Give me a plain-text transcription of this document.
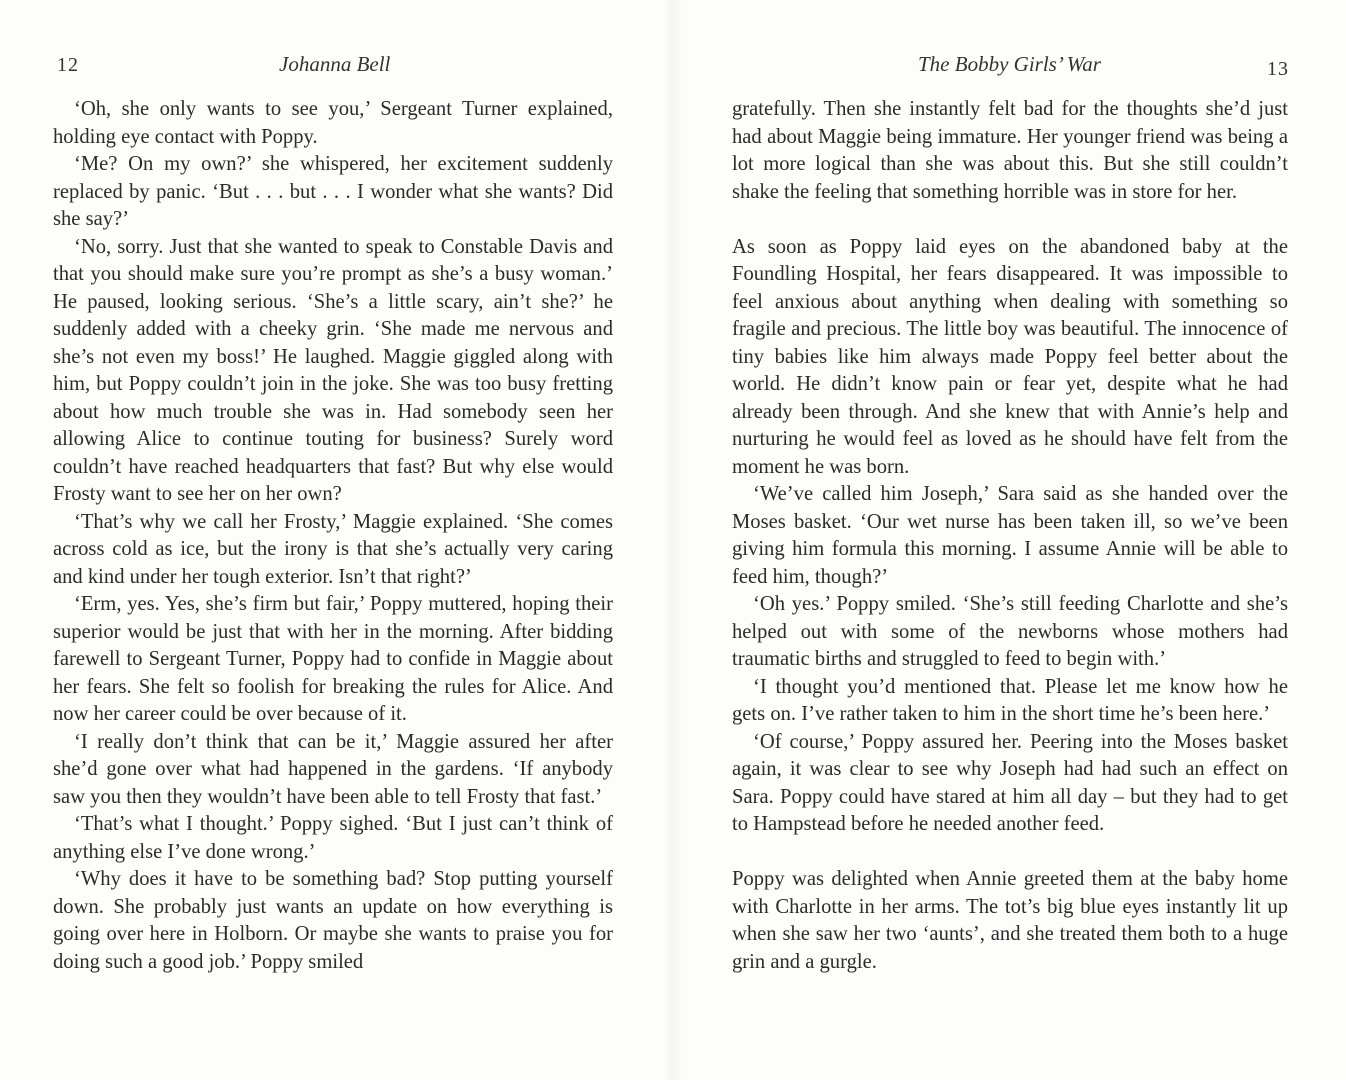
12	Johanna Bell

‘Oh, she only wants to see you,’ Sergeant Turner explained, holding eye contact with Poppy.

‘Me? On my own?’ she whispered, her excitement suddenly replaced by panic. ‘But . . . but . . . I wonder what she wants? Did she say?’

‘No, sorry. Just that she wanted to speak to Constable Davis and that you should make sure you’re prompt as she’s a busy woman.’ He paused, looking serious. ‘She’s a little scary, ain’t she?’ he suddenly added with a cheeky grin. ‘She made me nervous and she’s not even my boss!’ He laughed. Maggie giggled along with him, but Poppy couldn’t join in the joke. She was too busy fretting about how much trouble she was in. Had somebody seen her allowing Alice to continue touting for business? Surely word couldn’t have reached headquarters that fast? But why else would Frosty want to see her on her own?

‘That’s why we call her Frosty,’ Maggie explained. ‘She comes across cold as ice, but the irony is that she’s actually very caring and kind under her tough exterior. Isn’t that right?’

‘Erm, yes. Yes, she’s firm but fair,’ Poppy muttered, hoping their superior would be just that with her in the morning. After bidding farewell to Sergeant Turner, Poppy had to confide in Maggie about her fears. She felt so foolish for breaking the rules for Alice. And now her career could be over because of it.

‘I really don’t think that can be it,’ Maggie assured her after she’d gone over what had happened in the gardens. ‘If anybody saw you then they wouldn’t have been able to tell Frosty that fast.’

‘That’s what I thought.’ Poppy sighed. ‘But I just can’t think of anything else I’ve done wrong.’

‘Why does it have to be something bad? Stop putting yourself down. She probably just wants an update on how everything is going over here in Holborn. Or maybe she wants to praise you for doing such a good job.’ Poppy smiled

The Bobby Girls’ War	13

gratefully. Then she instantly felt bad for the thoughts she’d just had about Maggie being immature. Her younger friend was being a lot more logical than she was about this. But she still couldn’t shake the feeling that something horrible was in store for her.

As soon as Poppy laid eyes on the abandoned baby at the Foundling Hospital, her fears disappeared. It was impossible to feel anxious about anything when dealing with something so fragile and precious. The little boy was beautiful. The innocence of tiny babies like him always made Poppy feel better about the world. He didn’t know pain or fear yet, despite what he had already been through. And she knew that with Annie’s help and nurturing he would feel as loved as he should have felt from the moment he was born.

‘We’ve called him Joseph,’ Sara said as she handed over the Moses basket. ‘Our wet nurse has been taken ill, so we’ve been giving him formula this morning. I assume Annie will be able to feed him, though?’

‘Oh yes.’ Poppy smiled. ‘She’s still feeding Charlotte and she’s helped out with some of the newborns whose mothers had traumatic births and struggled to feed to begin with.’

‘I thought you’d mentioned that. Please let me know how he gets on. I’ve rather taken to him in the short time he’s been here.’

‘Of course,’ Poppy assured her. Peering into the Moses basket again, it was clear to see why Joseph had had such an effect on Sara. Poppy could have stared at him all day – but they had to get to Hampstead before he needed another feed.

Poppy was delighted when Annie greeted them at the baby home with Charlotte in her arms. The tot’s big blue eyes instantly lit up when she saw her two ‘aunts’, and she treated them both to a huge grin and a gurgle.
